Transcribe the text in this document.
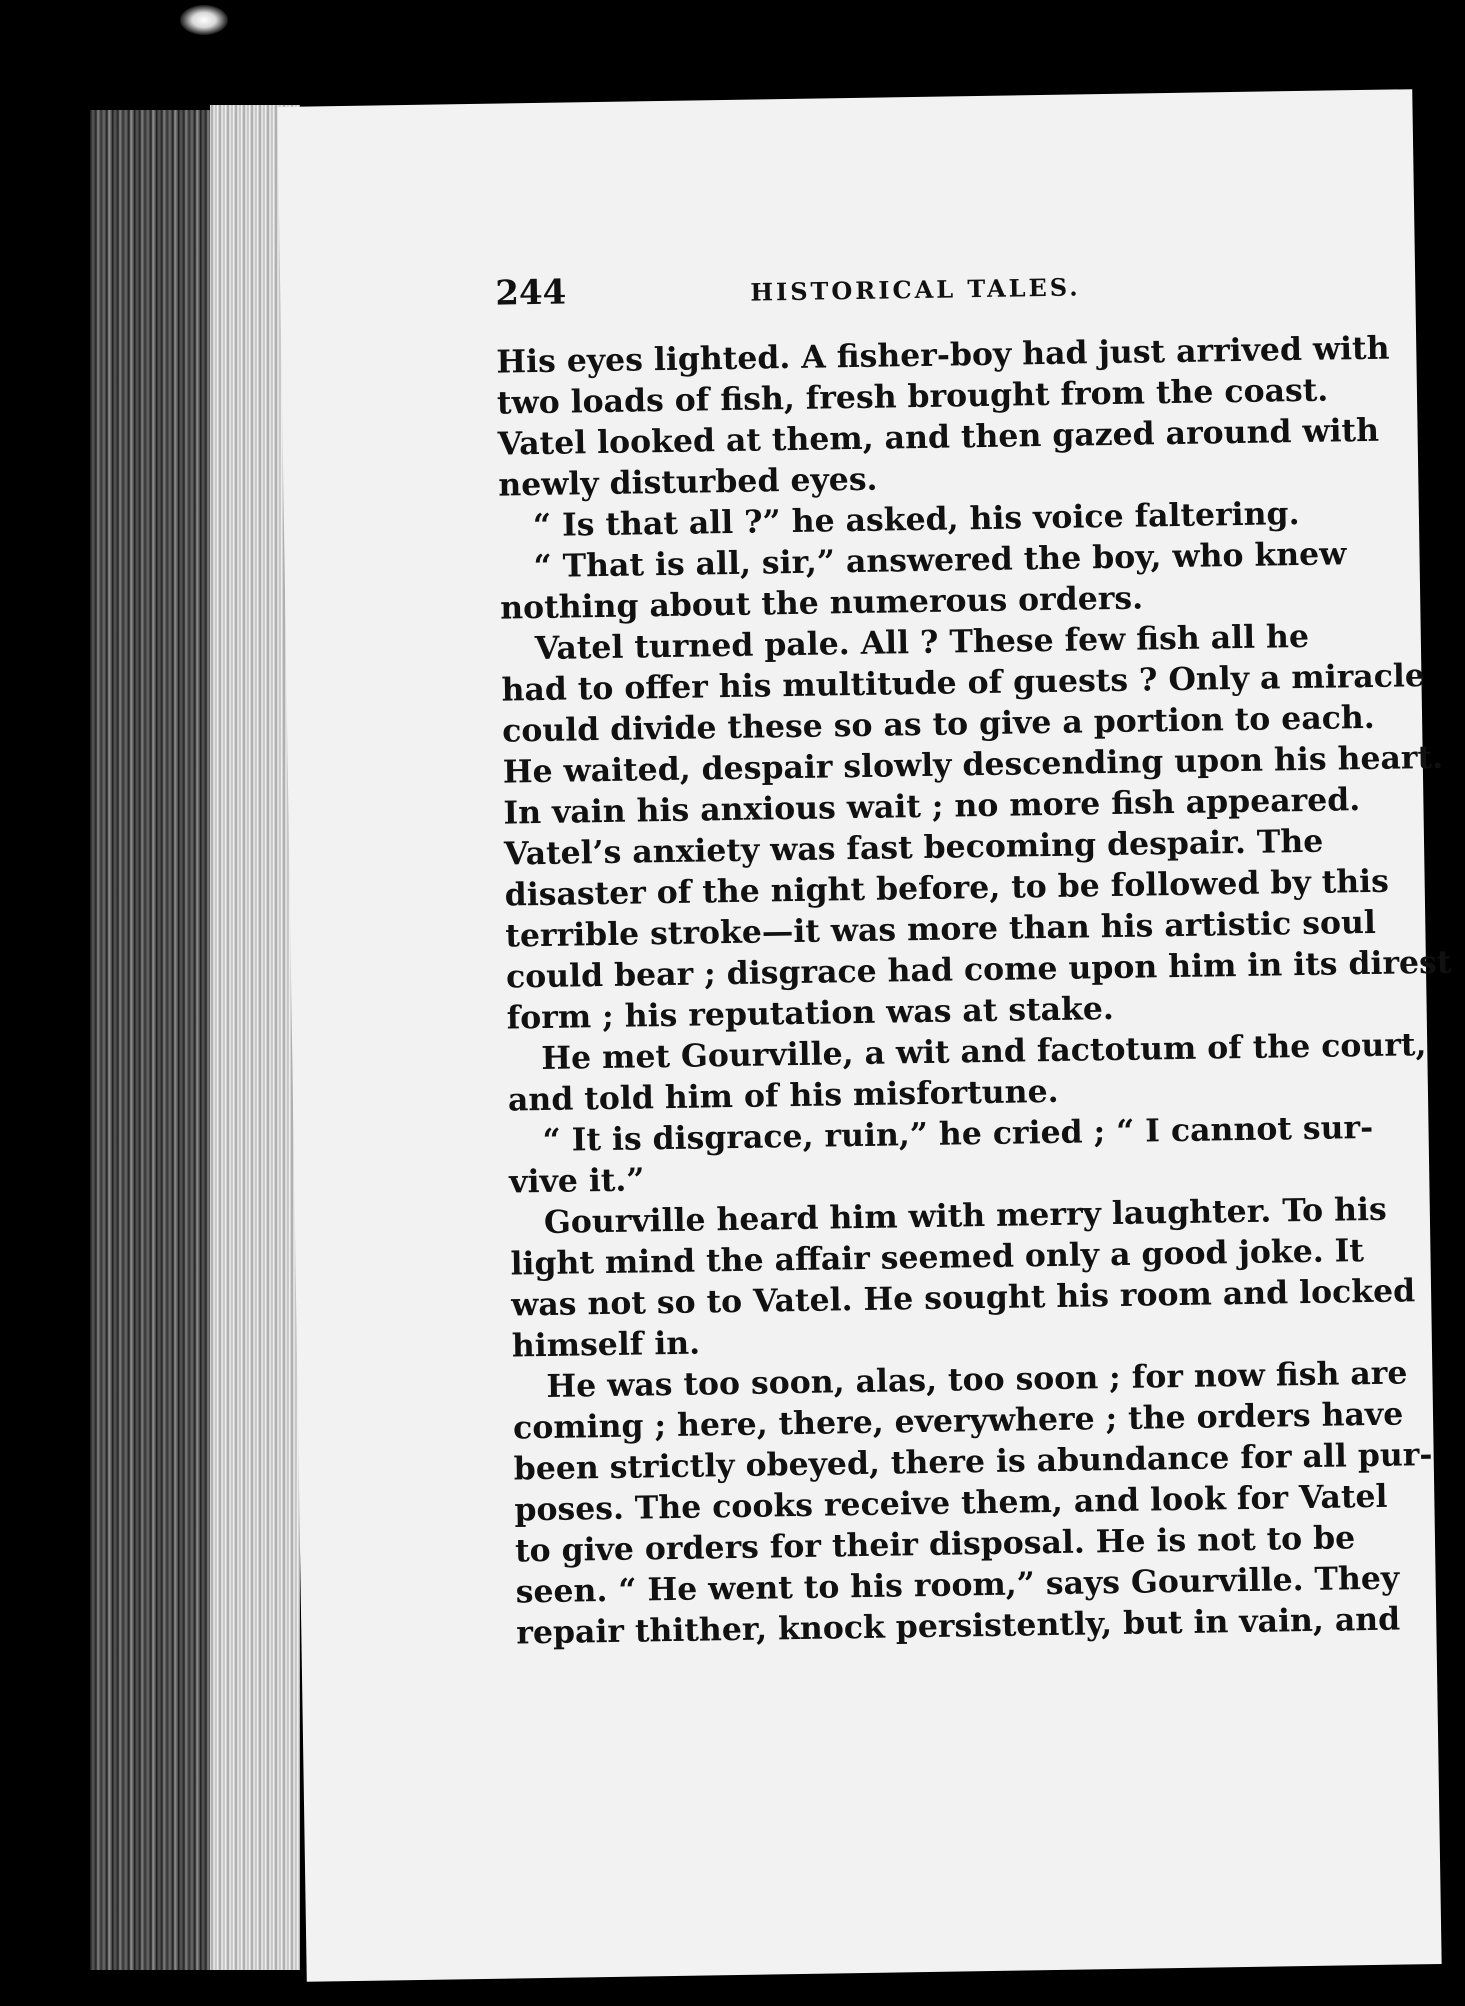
244	HISTORICAL TALES.
His eyes lighted. A fisher-boy had just arrived with
two loads of fish, fresh brought from the coast.
Vatel looked at them, and then gazed around with
newly disturbed eyes.
“ Is that all ?” he asked, his voice faltering.
“ That is all, sir,” answered the boy, who knew
nothing about the numerous orders.
Vatel turned pale. All ? These few fish all he
had to offer his multitude of guests ? Only a miracle
could divide these so as to give a portion to each.
He waited, despair slowly descending upon his heart.
In vain his anxious wait ; no more fish appeared.
Vatel’s anxiety was fast becoming despair. The
disaster of the night before, to be followed by this
terrible stroke—it was more than his artistic soul
could bear ; disgrace had come upon him in its direst
form ; his reputation was at stake.
He met Gourville, a wit and factotum of the court,
and told him of his misfortune.
“ It is disgrace, ruin,” he cried ; “ I cannot sur-
vive it.”
Gourville heard him with merry laughter. To his
light mind the affair seemed only a good joke. It
was not so to Vatel. He sought his room and locked
himself in.
He was too soon, alas, too soon ; for now fish are
coming ; here, there, everywhere ; the orders have
been strictly obeyed, there is abundance for all pur-
poses. The cooks receive them, and look for Vatel
to give orders for their disposal. He is not to be
seen. “ He went to his room,” says Gourville. They
repair thither, knock persistently, but in vain, and
